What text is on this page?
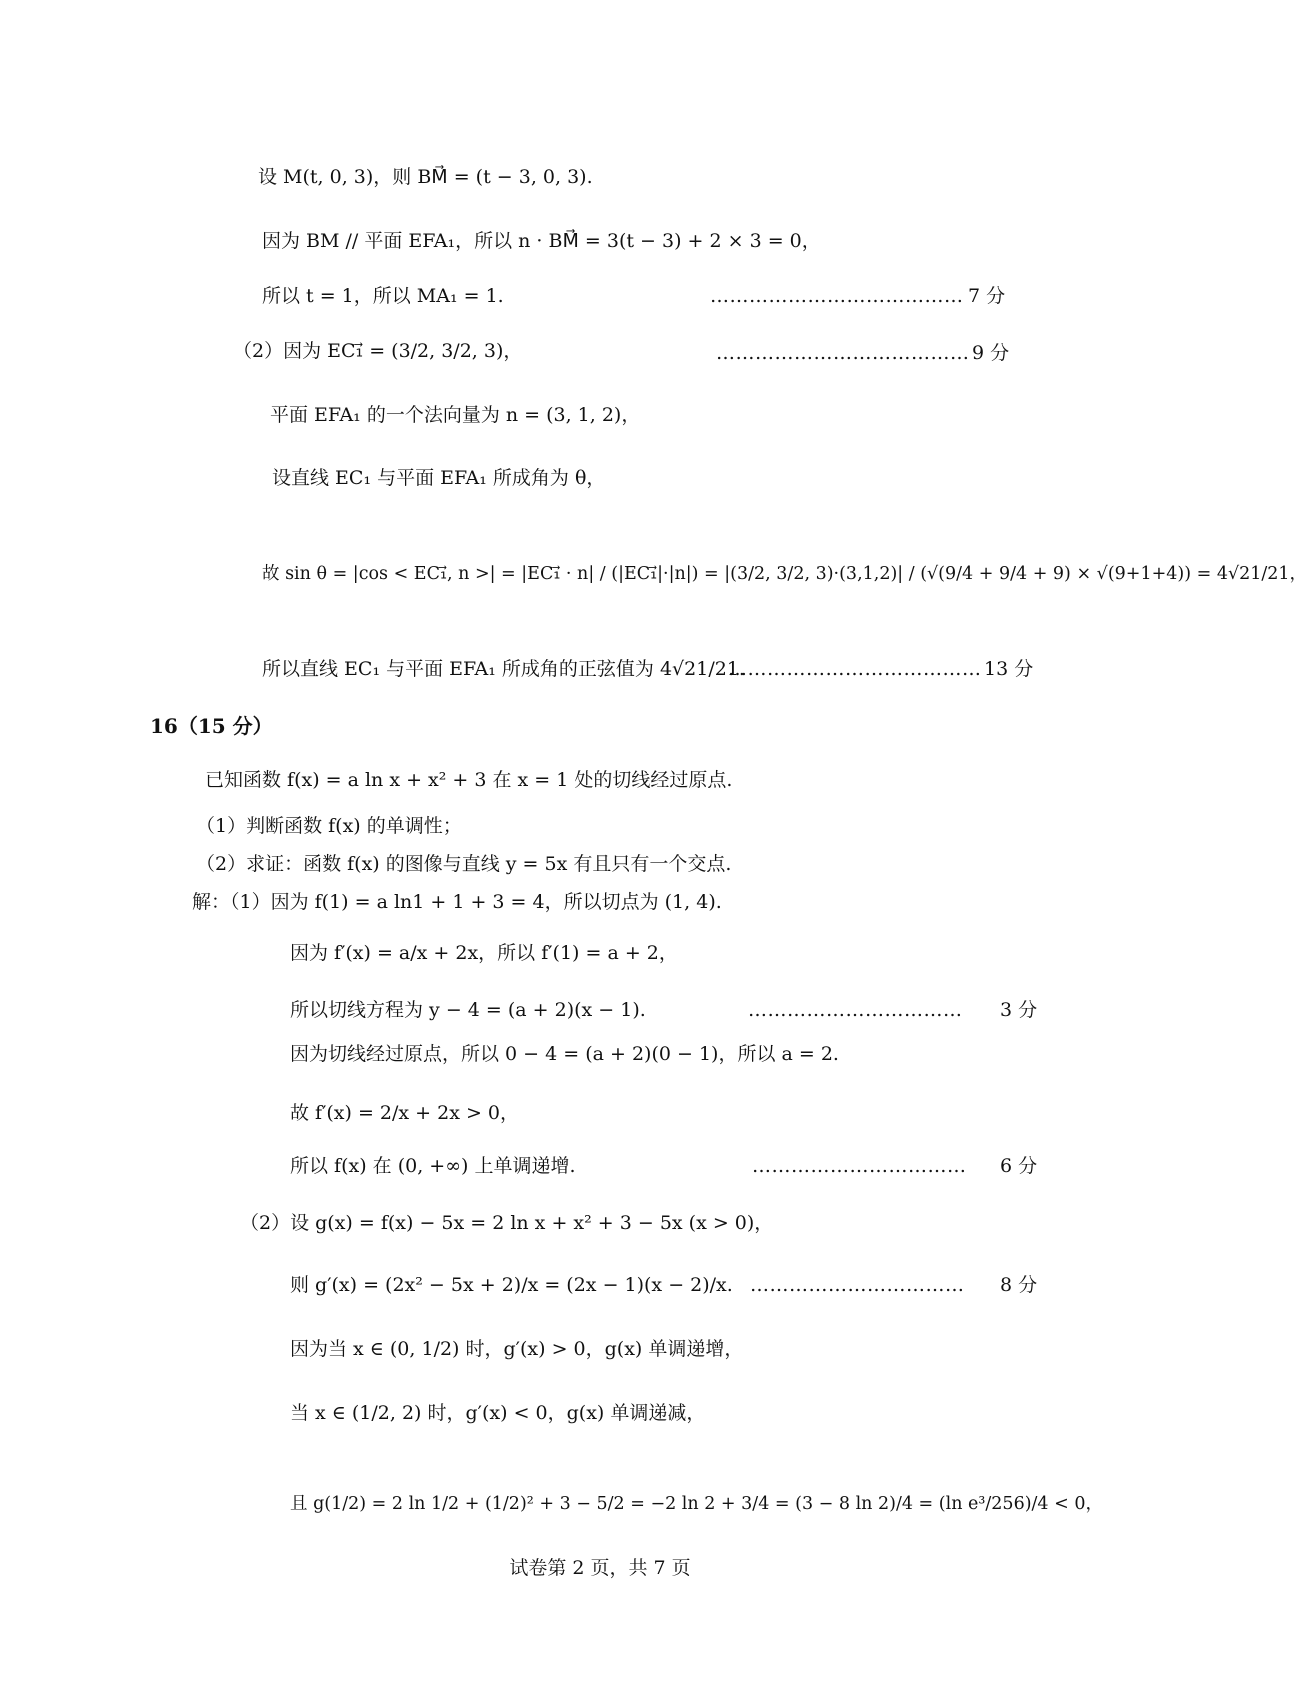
设 M(t, 0, 3)，则 BM⃗ = (t − 3, 0, 3).
因为 BM // 平面 EFA₁，所以 n · BM⃗ = 3(t − 3) + 2 × 3 = 0，
所以 t = 1，所以 MA₁ = 1.	………………………………… 7 分
（2）因为 EC₁⃗ = (3/2, 3/2, 3)，	………………………………… 9 分
平面 EFA₁ 的一个法向量为 n = (3, 1, 2)，
设直线 EC₁ 与平面 EFA₁ 所成角为 θ，
故 sin θ = |cos < EC₁⃗, n >| = |EC₁⃗ · n| / (|EC₁⃗|·|n|) = |(3/2, 3/2, 3)·(3,1,2)| / (√(9/4 + 9/4 + 9) × √(9+1+4)) = 4√21/21，
所以直线 EC₁ 与平面 EFA₁ 所成角的正弦值为 4√21/21.
………………………………… 13 分
16（15 分）
已知函数 f(x) = a ln x + x² + 3 在 x = 1 处的切线经过原点.
（1）判断函数 f(x) 的单调性；
（2）求证：函数 f(x) 的图像与直线 y = 5x 有且只有一个交点.
解：（1）因为 f(1) = a ln1 + 1 + 3 = 4，所以切点为 (1, 4).
因为 f′(x) = a/x + 2x，所以 f′(1) = a + 2，
所以切线方程为 y − 4 = (a + 2)(x − 1).	…………………………… 3 分
因为切线经过原点，所以 0 − 4 = (a + 2)(0 − 1)，所以 a = 2.
故 f′(x) = 2/x + 2x > 0，
所以 f(x) 在 (0, +∞) 上单调递增.	…………………………… 6 分
（2）设 g(x) = f(x) − 5x = 2 ln x + x² + 3 − 5x (x > 0)，
则 g′(x) = (2x² − 5x + 2)/x = (2x − 1)(x − 2)/x. …………………………… 8 分
因为当 x ∈ (0, 1/2) 时，g′(x) > 0，g(x) 单调递增，
当 x ∈ (1/2, 2) 时，g′(x) < 0，g(x) 单调递减，
且 g(1/2) = 2 ln 1/2 + (1/2)² + 3 − 5/2 = −2 ln 2 + 3/4 = (3 − 8 ln 2)/4 = (ln e³/256)/4 < 0，
试卷第 2 页，共 7 页
